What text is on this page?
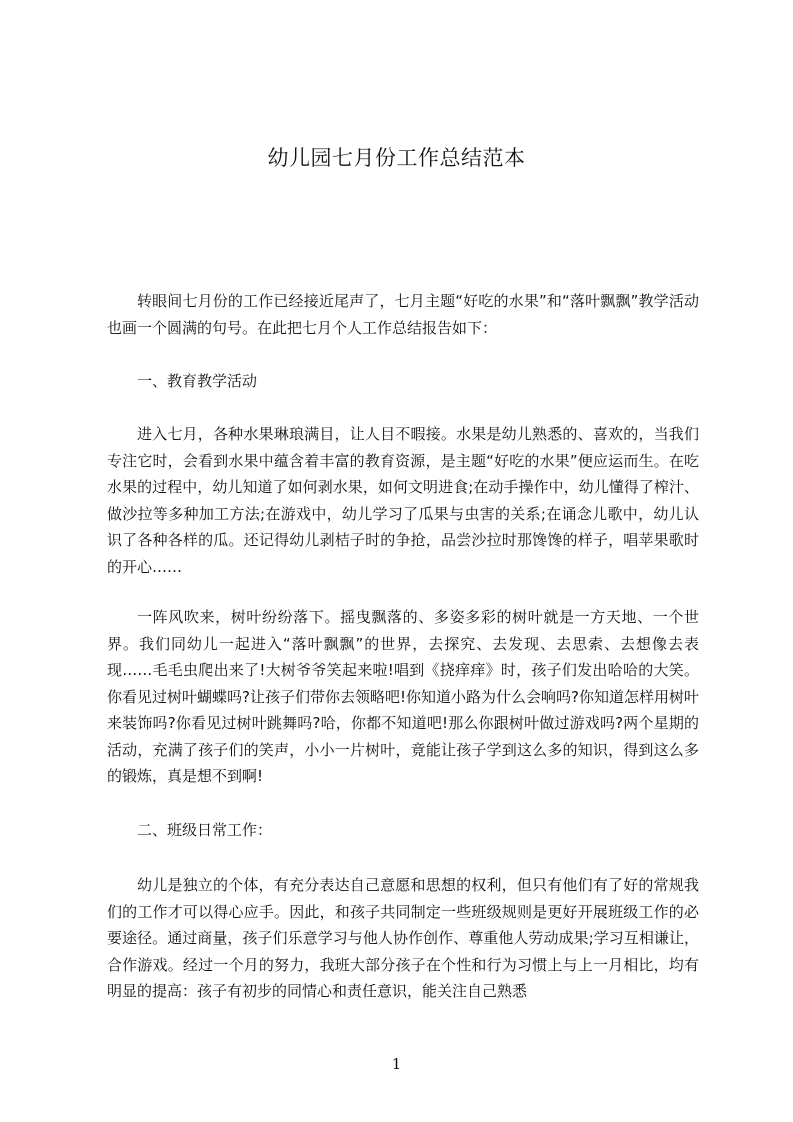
幼儿园七月份工作总结范本

转眼间七月份的工作已经接近尾声了，七月主题“好吃的水果”和“落叶飘飘”教学活动也画一个圆满的句号。在此把七月个人工作总结报告如下：

一、教育教学活动

进入七月，各种水果琳琅满目，让人目不暇接。水果是幼儿熟悉的、喜欢的，当我们专注它时，会看到水果中蕴含着丰富的教育资源，是主题“好吃的水果”便应运而生。在吃水果的过程中，幼儿知道了如何剥水果，如何文明进食;在动手操作中，幼儿懂得了榨汁、做沙拉等多种加工方法;在游戏中，幼儿学习了瓜果与虫害的关系;在诵念儿歌中，幼儿认识了各种各样的瓜。还记得幼儿剥桔子时的争抢，品尝沙拉时那馋馋的样子，唱苹果歌时的开心……

一阵风吹来，树叶纷纷落下。摇曳飘落的、多姿多彩的树叶就是一方天地、一个世界。我们同幼儿一起进入“落叶飘飘”的世界，去探究、去发现、去思索、去想像去表现……毛毛虫爬出来了!大树爷爷笑起来啦!唱到《挠痒痒》时，孩子们发出哈哈的大笑。你看见过树叶蝴蝶吗?让孩子们带你去领略吧!你知道小路为什么会响吗?你知道怎样用树叶来装饰吗?你看见过树叶跳舞吗?哈，你都不知道吧!那么你跟树叶做过游戏吗?两个星期的活动，充满了孩子们的笑声，小小一片树叶，竟能让孩子学到这么多的知识，得到这么多的锻炼，真是想不到啊!

二、班级日常工作：

幼儿是独立的个体，有充分表达自己意愿和思想的权利，但只有他们有了好的常规我们的工作才可以得心应手。因此，和孩子共同制定一些班级规则是更好开展班级工作的必要途径。通过商量，孩子们乐意学习与他人协作创作、尊重他人劳动成果;学习互相谦让，合作游戏。经过一个月的努力，我班大部分孩子在个性和行为习惯上与上一月相比，均有明显的提高：孩子有初步的同情心和责任意识，能关注自己熟悉

1
